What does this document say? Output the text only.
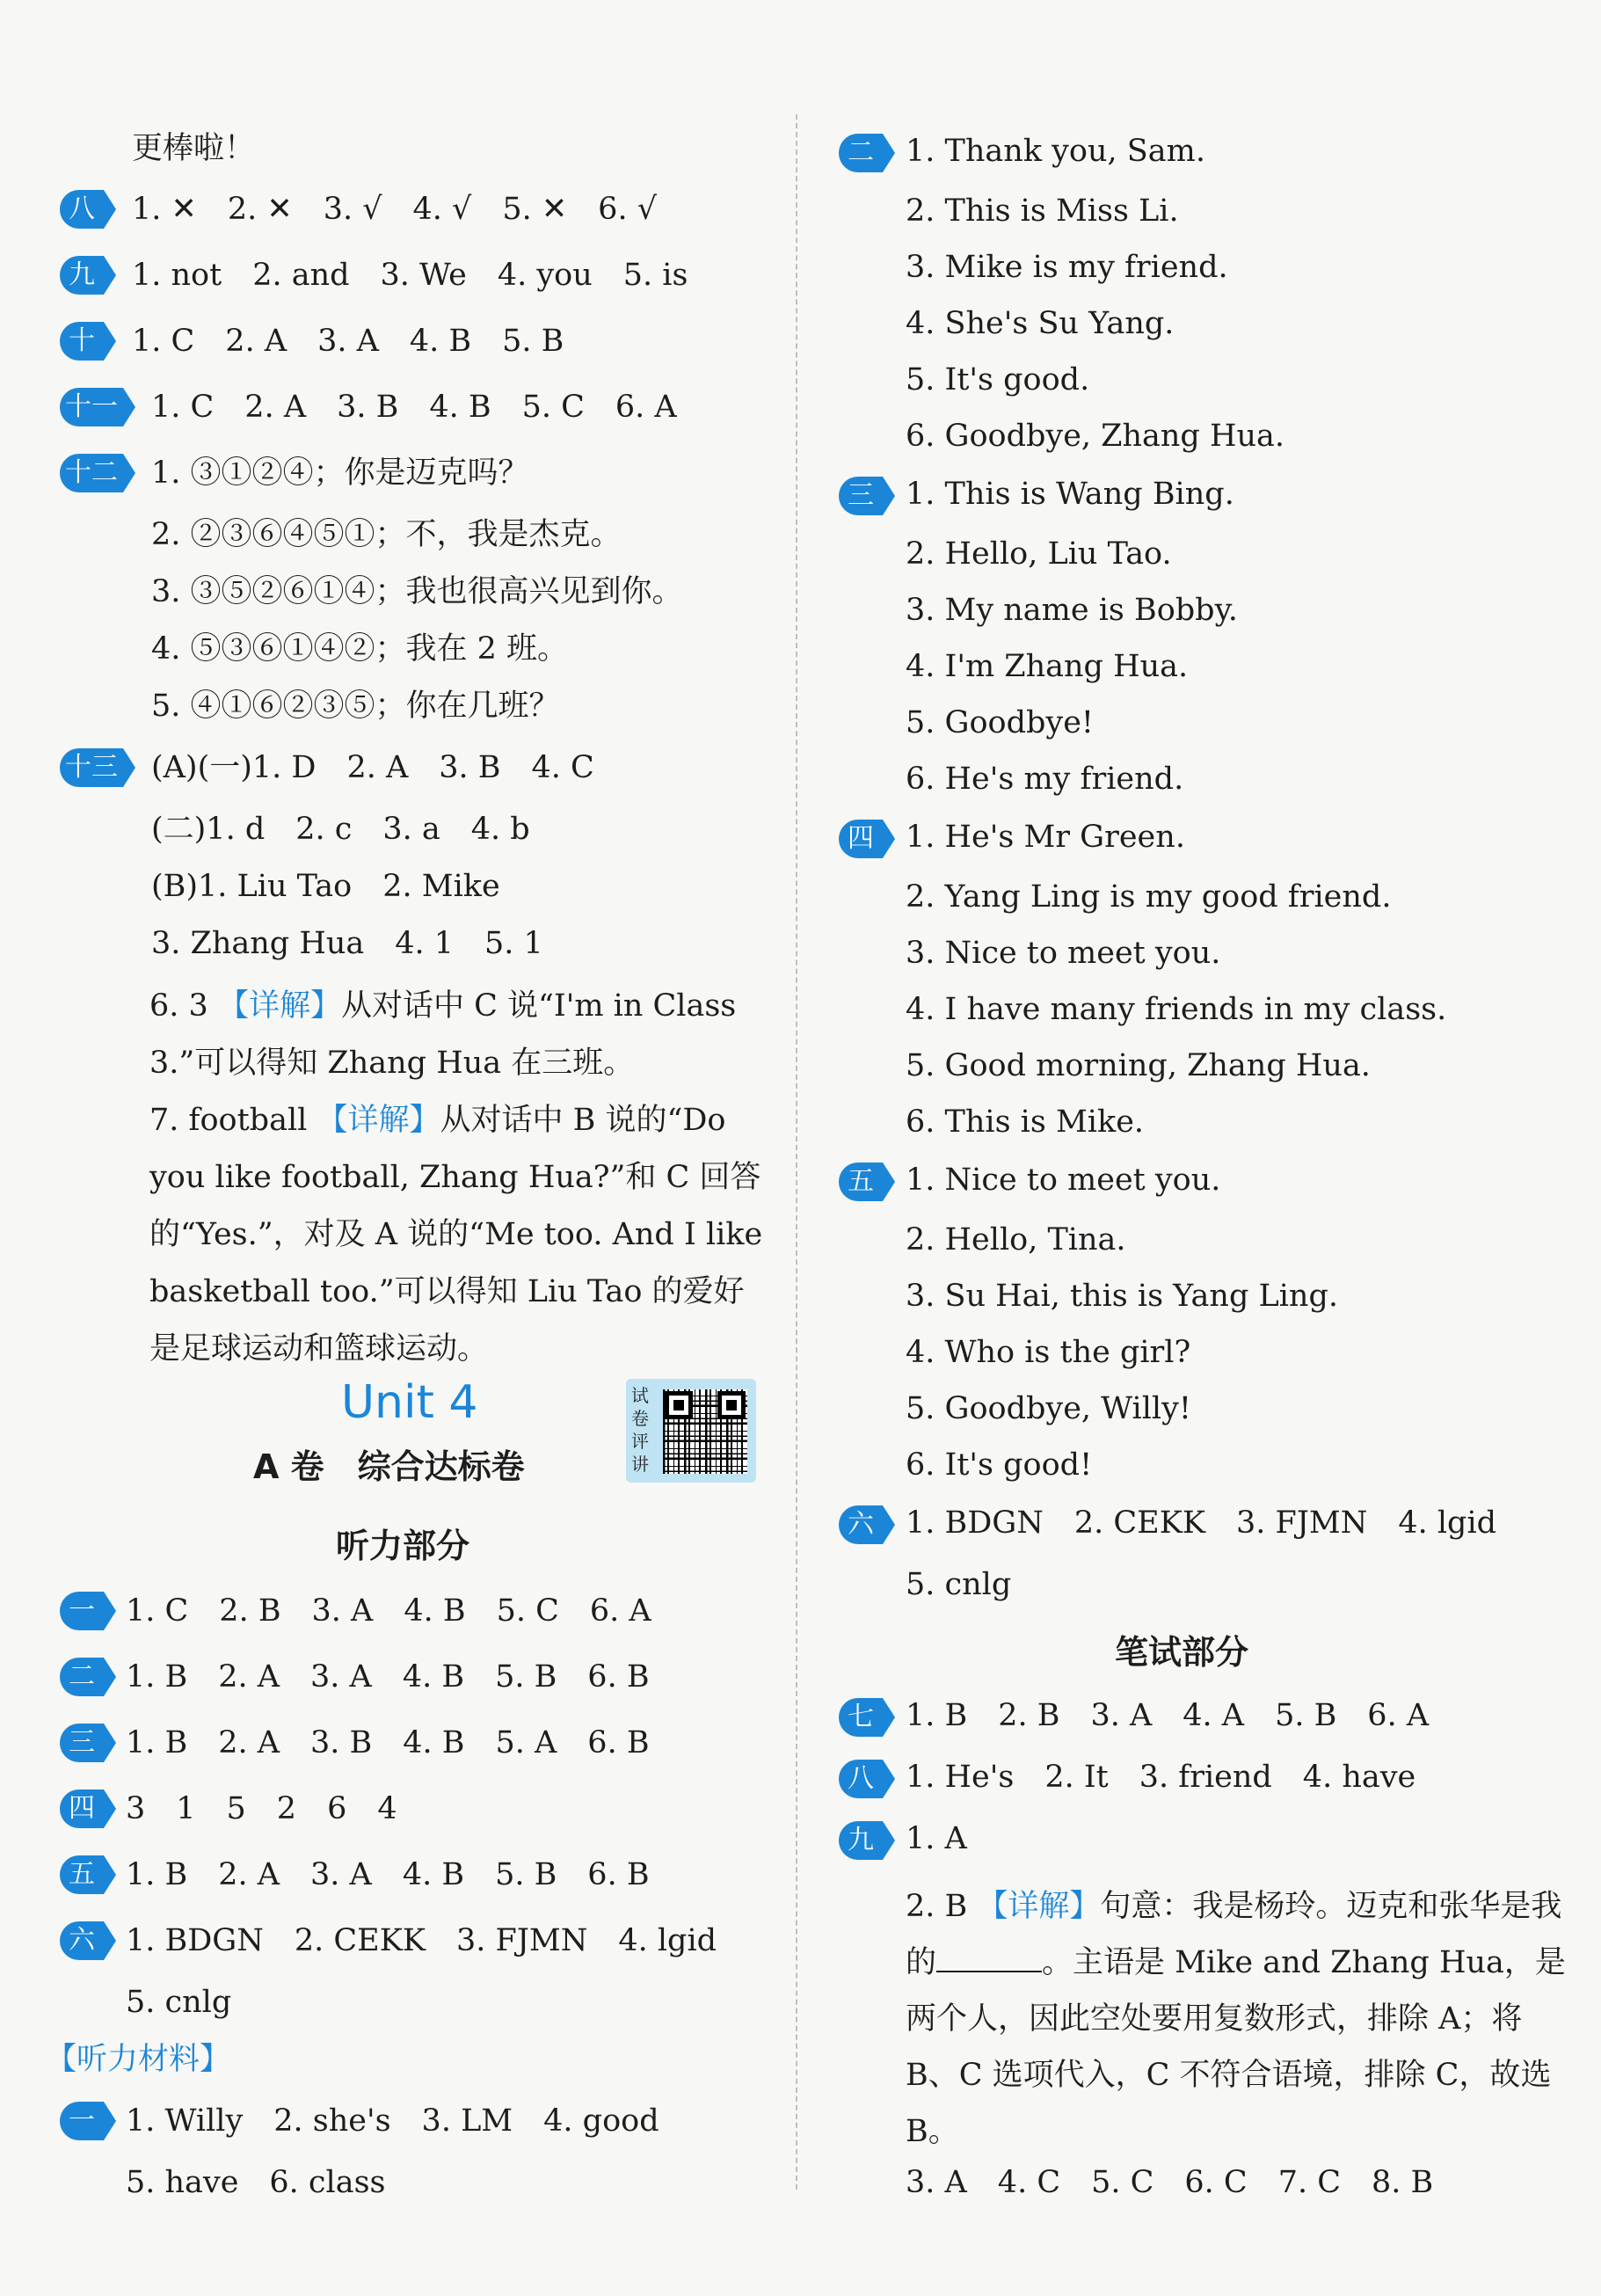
更棒啦！
八 1. ✕　2. ✕　3. √　4. √　5. ✕　6. √
九 1. not　2. and　3. We　4. you　5. is
十 1. C　2. A　3. A　4. B　5. B
十一 1. C　2. A　3. B　4. B　5. C　6. A
十二 1. ③①②④；你是迈克吗？
2. ②③⑥④⑤①；不，我是杰克。
3. ③⑤②⑥①④；我也很高兴见到你。
4. ⑤③⑥①④②；我在 2 班。
5. ④①⑥②③⑤；你在几班？
十三 (A)(一)1. D　2. A　3. B　4. C
(二)1. d　2. c　3. a　4. b
(B)1. Liu Tao　2. Mike
3. Zhang Hua　4. 1　5. 1
6. 3 【详解】从对话中 C 说“I'm in Class 3.”可以得知 Zhang Hua 在三班。
7. football 【详解】从对话中 B 说的“Do you like football, Zhang Hua?”和 C 回答的“Yes.”，对及 A 说的“Me too. And I like basketball too.”可以得知 Liu Tao 的爱好是足球运动和篮球运动。
Unit 4
A 卷　综合达标卷
试卷评讲
听力部分
一 1. C　2. B　3. A　4. B　5. C　6. A
二 1. B　2. A　3. A　4. B　5. B　6. B
三 1. B　2. A　3. B　4. B　5. A　6. B
四 3　1　5　2　6　4
五 1. B　2. A　3. A　4. B　5. B　6. B
六 1. BDGN　2. CEKK　3. FJMN　4. lgid
5. cnlg
【听力材料】
一 1. Willy　2. she's　3. LM　4. good
5. have　6. class
二 1. Thank you, Sam.
2. This is Miss Li.
3. Mike is my friend.
4. She's Su Yang.
5. It's good.
6. Goodbye, Zhang Hua.
三 1. This is Wang Bing.
2. Hello, Liu Tao.
3. My name is Bobby.
4. I'm Zhang Hua.
5. Goodbye!
6. He's my friend.
四 1. He's Mr Green.
2. Yang Ling is my good friend.
3. Nice to meet you.
4. I have many friends in my class.
5. Good morning, Zhang Hua.
6. This is Mike.
五 1. Nice to meet you.
2. Hello, Tina.
3. Su Hai, this is Yang Ling.
4. Who is the girl?
5. Goodbye, Willy!
6. It's good!
六 1. BDGN　2. CEKK　3. FJMN　4. lgid
5. cnlg
笔试部分
七 1. B　2. B　3. A　4. A　5. B　6. A
八 1. He's　2. It　3. friend　4. have
九 1. A
2. B 【详解】句意：我是杨玲。迈克和张华是我的	。主语是 Mike and Zhang Hua，是两个人，因此空处要用复数形式，排除 A；将 B、C 选项代入，C 不符合语境，排除 C，故选 B。
3. A　4. C　5. C　6. C　7. C　8. B
